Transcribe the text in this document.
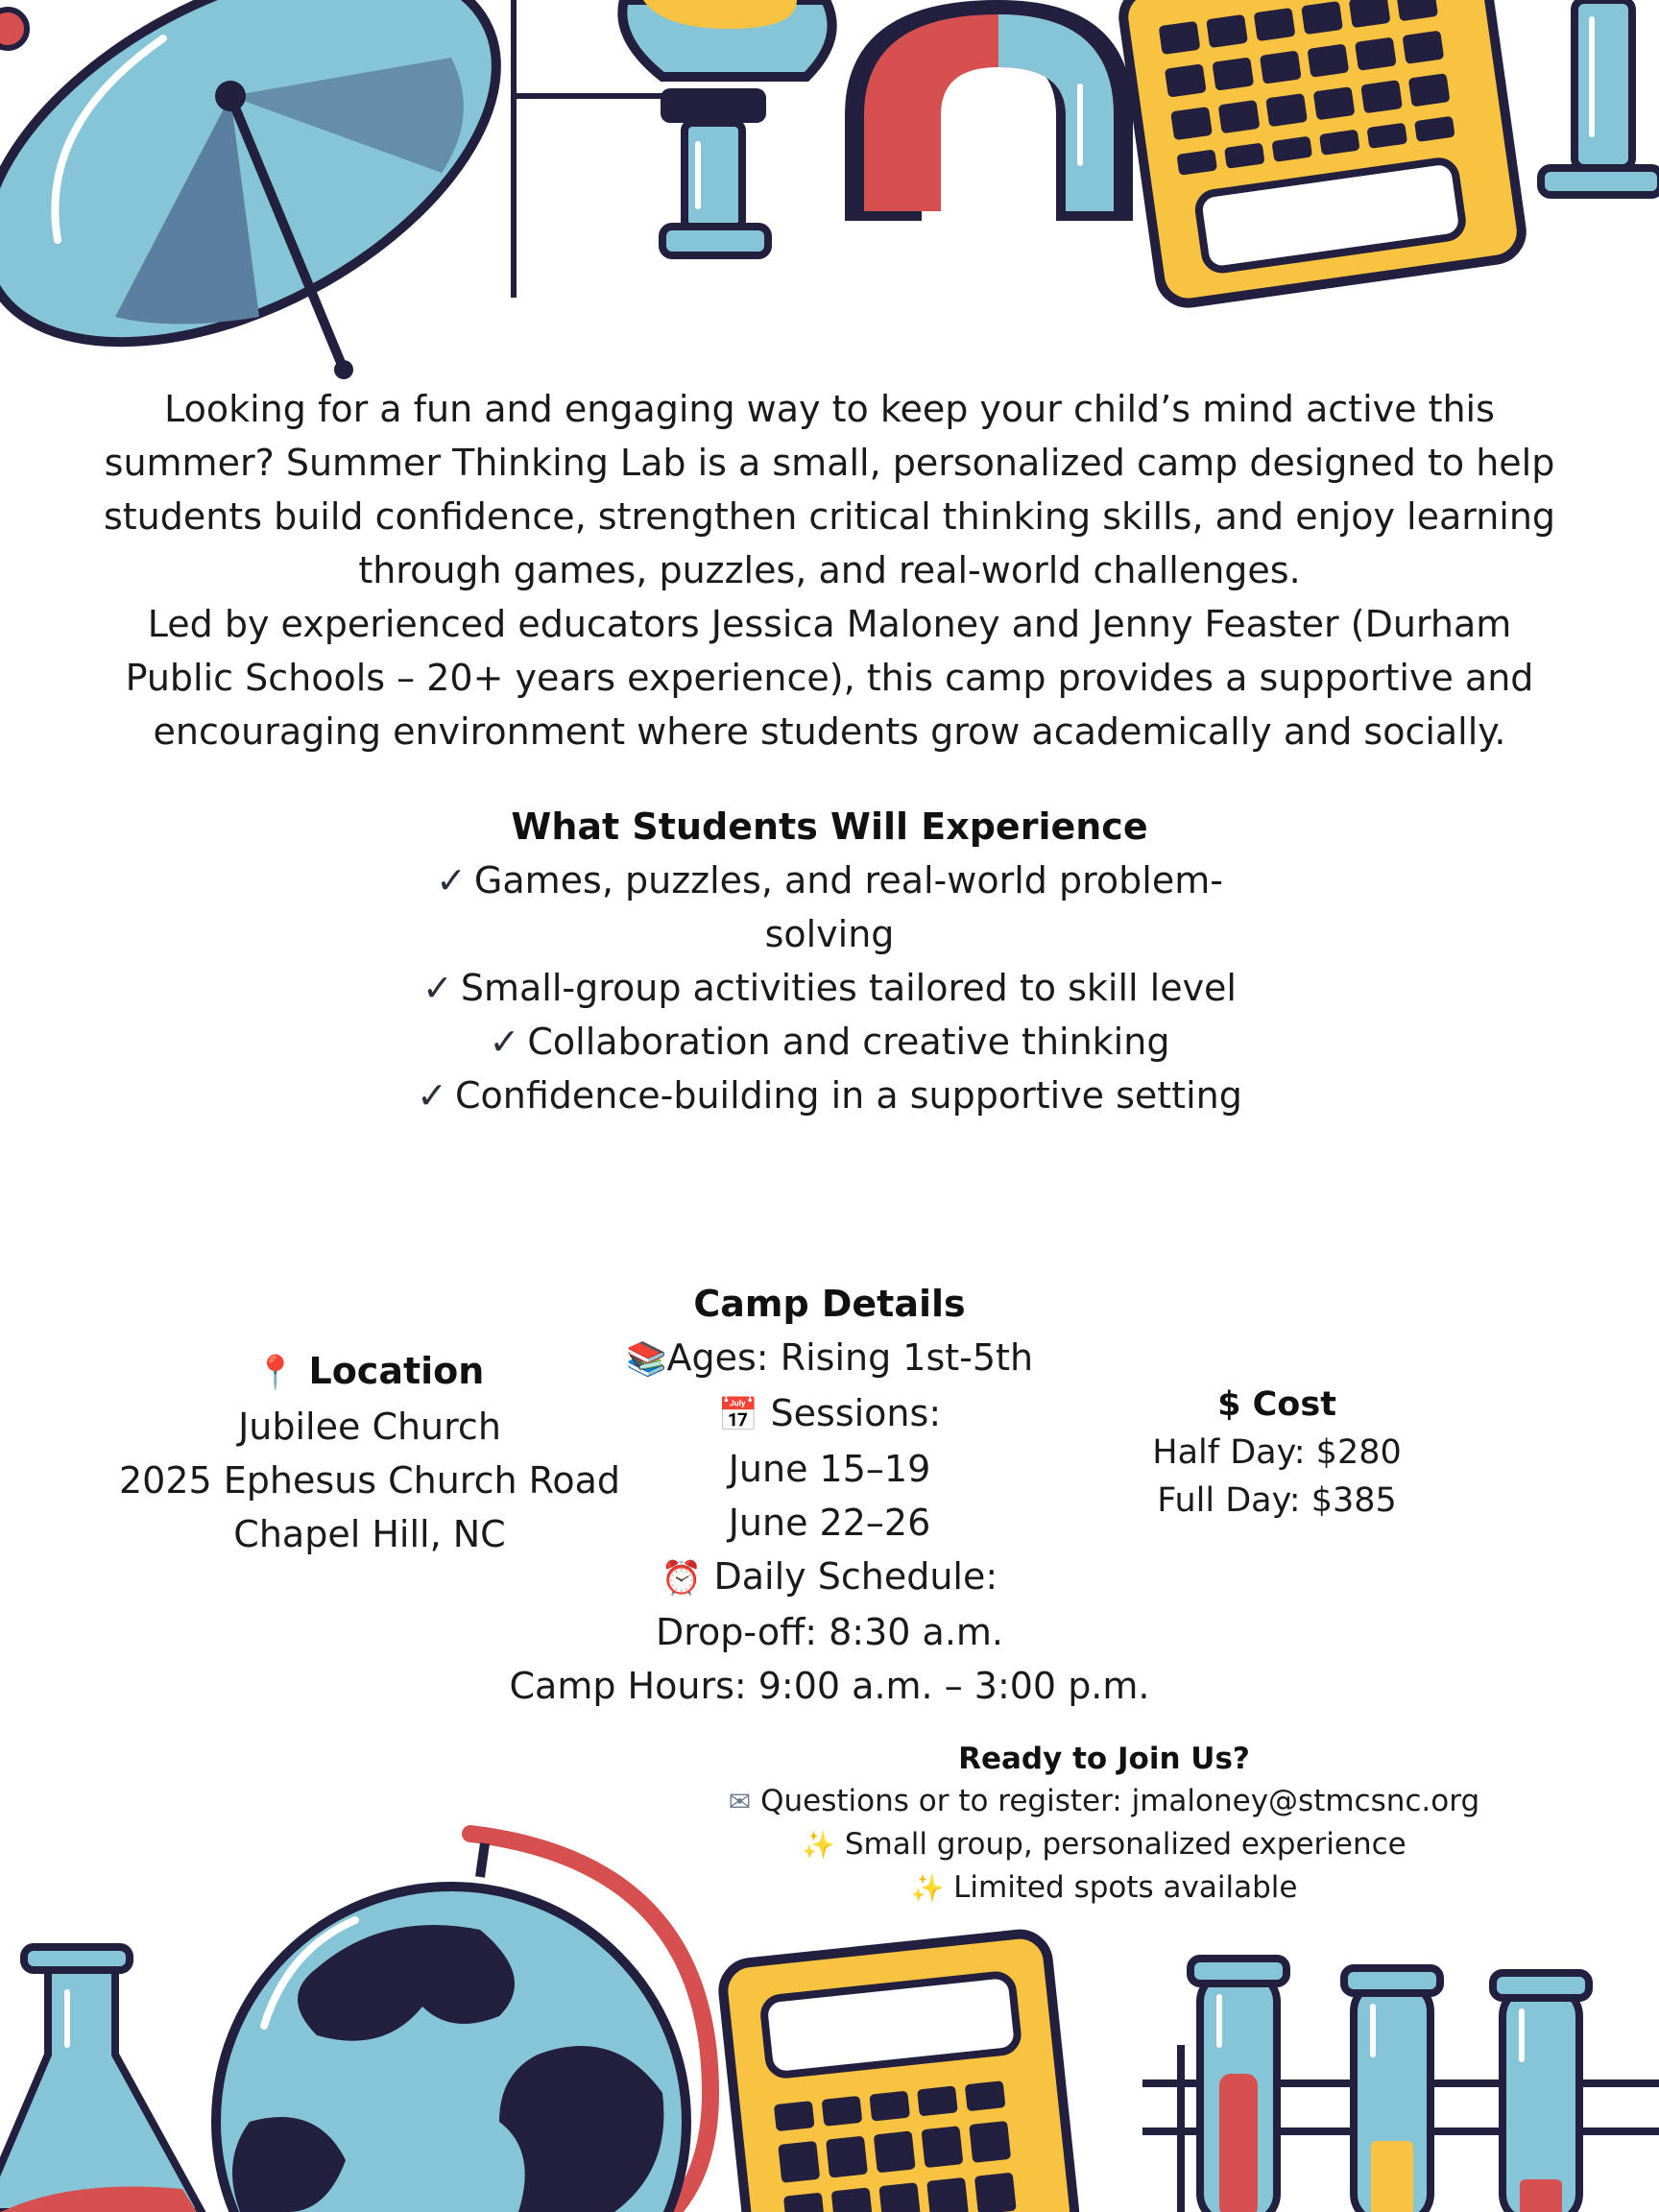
Looking for a fun and engaging way to keep your child’s mind active this summer? Summer Thinking Lab is a small, personalized camp designed to help students build confidence, strengthen critical thinking skills, and enjoy learning through games, puzzles, and real-world challenges.

Led by experienced educators Jessica Maloney and Jenny Feaster (Durham Public Schools – 20+ years experience), this camp provides a supportive and encouraging environment where students grow academically and socially.

What Students Will Experience
✓ Games, puzzles, and real-world problem-solving
✓ Small-group activities tailored to skill level
✓ Collaboration and creative thinking
✓ Confidence-building in a supportive setting
📍 Location
Jubilee Church
2025 Ephesus Church Road
Chapel Hill, NC
Camp Details
📚Ages: Rising 1st-5th
📅 Sessions:
June 15–19
June 22–26
⏰ Daily Schedule:
Drop-off: 8:30 a.m.
Camp Hours: 9:00 a.m. – 3:00 p.m.
$ Cost
Half Day: $280
Full Day: $385
Ready to Join Us?
✉ Questions or to register: jmaloney@stmcsnc.org
✨ Small group, personalized experience
✨ Limited spots available
